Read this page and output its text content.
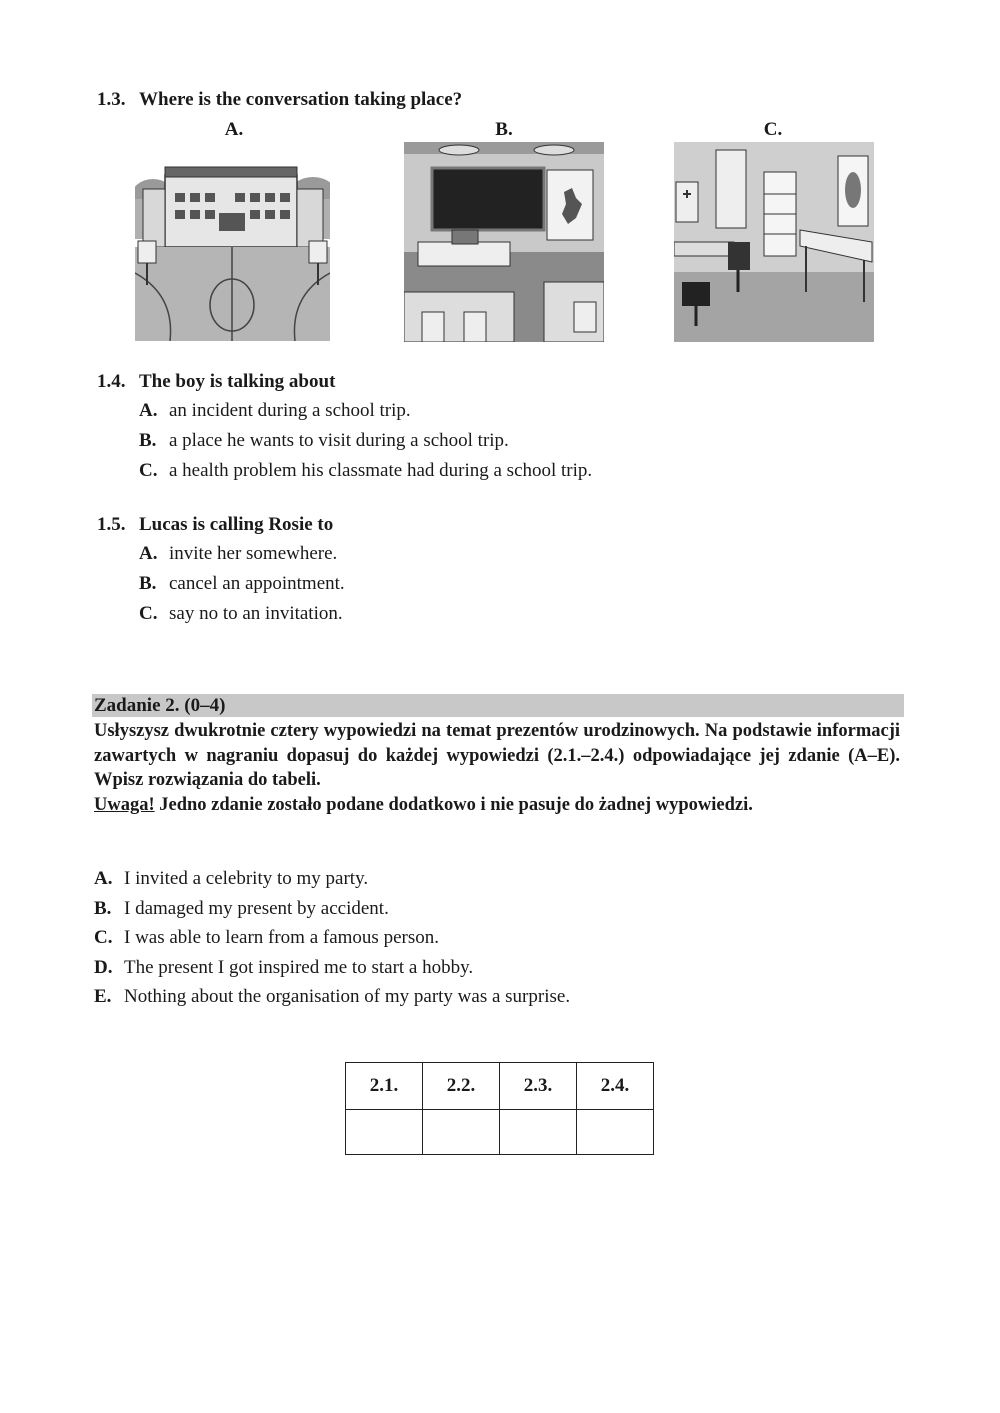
1.3. Where is the conversation taking place?
A.	B.	C.
1.4. The boy is talking about
A. an incident during a school trip.
B. a place he wants to visit during a school trip.
C. a health problem his classmate had during a school trip.
1.5. Lucas is calling Rosie to
A. invite her somewhere.
B. cancel an appointment.
C. say no to an invitation.
Zadanie 2. (0–4)
Usłyszysz dwukrotnie cztery wypowiedzi na temat prezentów urodzinowych. Na podstawie informacji zawartych w nagraniu dopasuj do każdej wypowiedzi (2.1.–2.4.) odpowiadające jej zdanie (A–E). Wpisz rozwiązania do tabeli.
Uwaga! Jedno zdanie zostało podane dodatkowo i nie pasuje do żadnej wypowiedzi.
A. I invited a celebrity to my party.
B. I damaged my present by accident.
C. I was able to learn from a famous person.
D. The present I got inspired me to start a hobby.
E. Nothing about the organisation of my party was a surprise.
2.1.	2.2.	2.3.	2.4.
